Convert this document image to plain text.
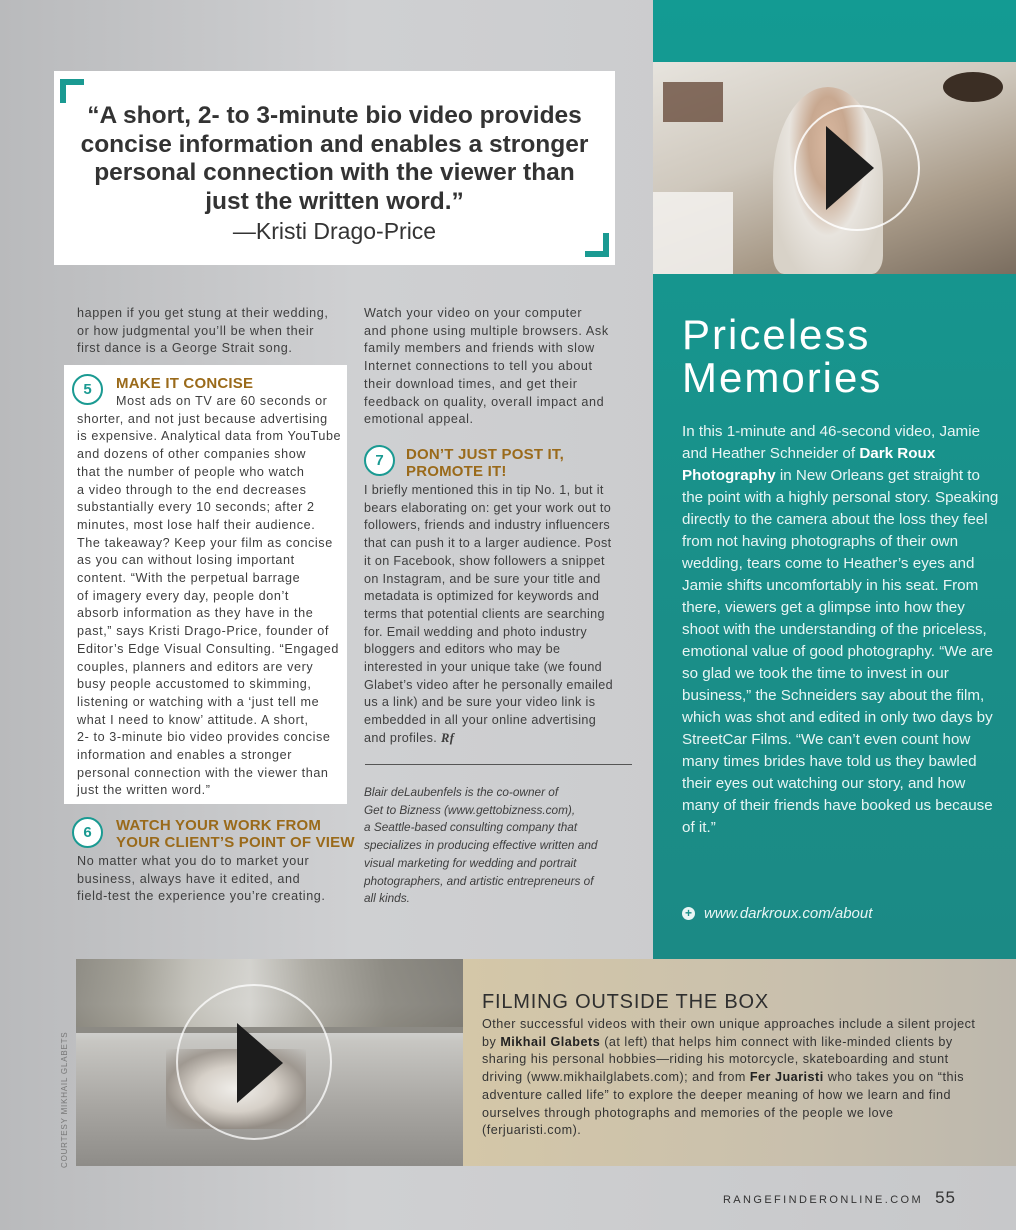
“A short, 2- to 3-minute bio video provides
concise information and enables a stronger
personal connection with the viewer than
just the written word.”
—Kristi Drago-Price
Priceless
Memories
In this 1-minute and 46-second video, Jamie and Heather Schneider of Dark Roux Photography in New Orleans get straight to the point with a highly personal story. Speaking directly to the camera about the loss they feel from not having photographs of their own wedding, tears come to Heather’s eyes and Jamie shifts uncomfortably in his seat. From there, viewers get a glimpse into how they shoot with the understanding of the priceless, emotional value of good photography. “We are so glad we took the time to invest in our business,” the Schneiders say about the film, which was shot and edited in only two days by StreetCar Films. “We can’t even count how many times brides have told us they bawled their eyes out watching our story, and how many of their friends have booked us because of it.”
+ www.darkroux.com/about
happen if you get stung at their wedding,
or how judgmental you’ll be when their
first dance is a George Strait song.
5	MAKE IT CONCISE
Most ads on TV are 60 seconds or
shorter, and not just because advertising
is expensive. Analytical data from YouTube
and dozens of other companies show
that the number of people who watch
a video through to the end decreases
substantially every 10 seconds; after 2
minutes, most lose half their audience.
The takeaway? Keep your film as concise
as you can without losing important
content. “With the perpetual barrage
of imagery every day, people don’t
absorb information as they have in the
past,” says Kristi Drago-Price, founder of
Editor’s Edge Visual Consulting. “Engaged
couples, planners and editors are very
busy people accustomed to skimming,
listening or watching with a ‘just tell me
what I need to know’ attitude. A short,
2- to 3-minute bio video provides concise
information and enables a stronger
personal connection with the viewer than
just the written word.”
6	WATCH YOUR WORK FROM
YOUR CLIENT’S POINT OF VIEW
No matter what you do to market your
business, always have it edited, and
field-test the experience you’re creating.
Watch your video on your computer
and phone using multiple browsers. Ask
family members and friends with slow
Internet connections to tell you about
their download times, and get their
feedback on quality, overall impact and
emotional appeal.
7	DON’T JUST POST IT,
PROMOTE IT!
I briefly mentioned this in tip No. 1, but it
bears elaborating on: get your work out to
followers, friends and industry influencers
that can push it to a larger audience. Post
it on Facebook, show followers a snippet
on Instagram, and be sure your title and
metadata is optimized for keywords and
terms that potential clients are searching
for. Email wedding and photo industry
bloggers and editors who may be
interested in your unique take (we found
Glabet’s video after he personally emailed
us a link) and be sure your video link is
embedded in all your online advertising
and profiles. Rf
Blair deLaubenfels is the co-owner of
Get to Bizness (www.gettobizness.com),
a Seattle-based consulting company that
specializes in producing effective written and
visual marketing for wedding and portrait
photographers, and artistic entrepreneurs of
all kinds.
COURTESY MIKHAIL GLABETS
FILMING OUTSIDE THE BOX
Other successful videos with their own unique approaches include a silent project by Mikhail Glabets (at left) that helps him connect with like-minded clients by sharing his personal hobbies—riding his motorcycle, skateboarding and stunt driving (www.mikhailglabets.com); and from Fer Juaristi who takes you on “this adventure called life” to explore the deeper meaning of how we learn and find ourselves through photographs and memories of the people we love (ferjuaristi.com).
RANGEFINDERONLINE.COM 55
